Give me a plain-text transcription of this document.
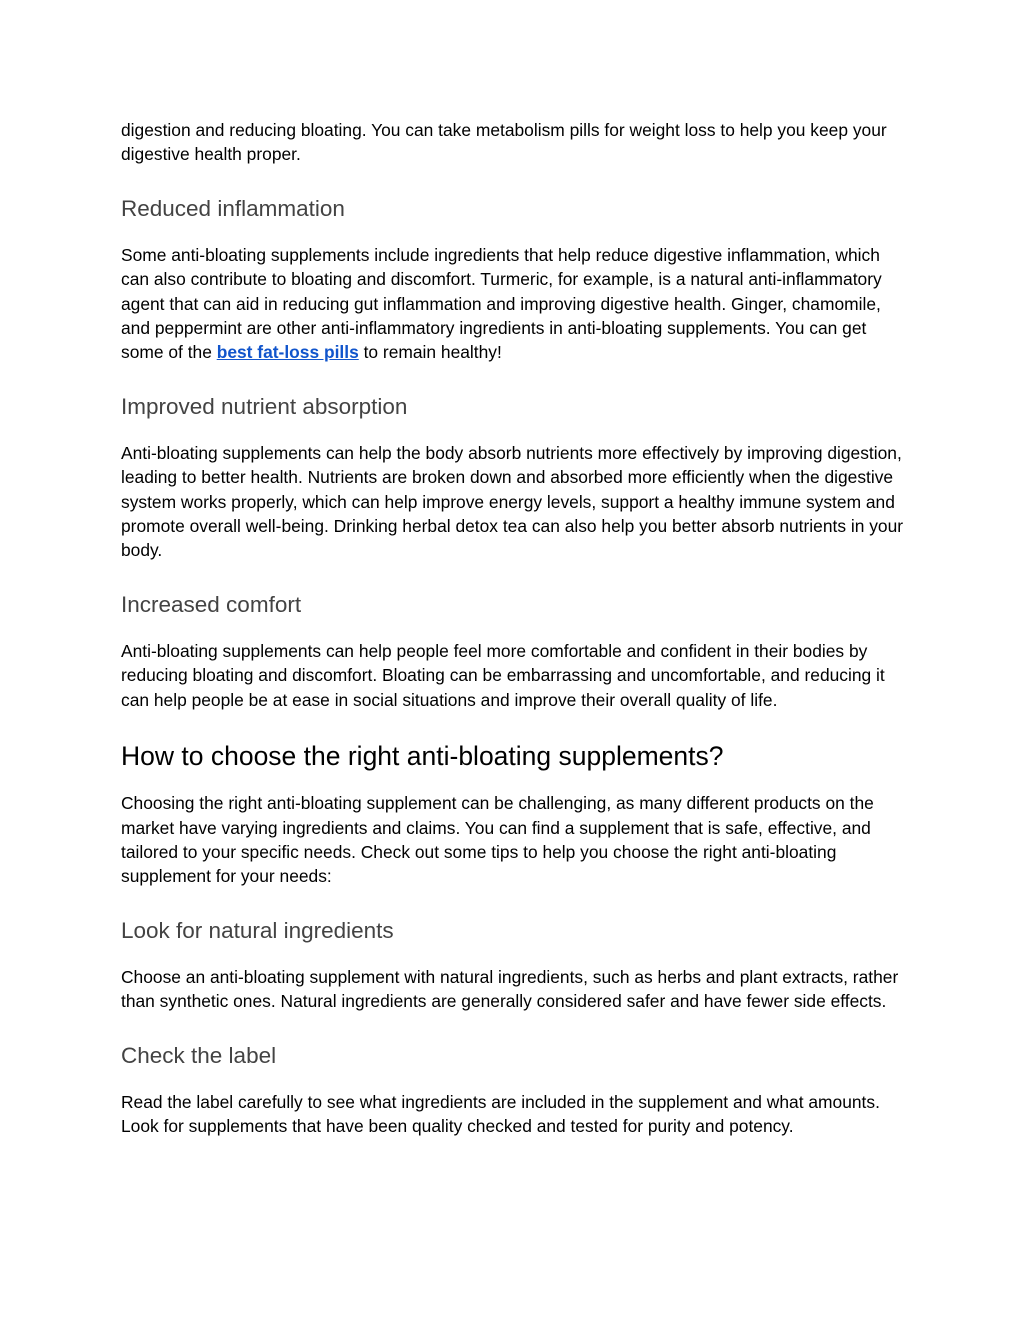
digestion and reducing bloating. You can take metabolism pills for weight loss to help you keep your digestive health proper.

Reduced inflammation

Some anti-bloating supplements include ingredients that help reduce digestive inflammation, which can also contribute to bloating and discomfort. Turmeric, for example, is a natural anti-inflammatory agent that can aid in reducing gut inflammation and improving digestive health. Ginger, chamomile, and peppermint are other anti-inflammatory ingredients in anti-bloating supplements. You can get some of the best fat-loss pills to remain healthy!

Improved nutrient absorption

Anti-bloating supplements can help the body absorb nutrients more effectively by improving digestion, leading to better health. Nutrients are broken down and absorbed more efficiently when the digestive system works properly, which can help improve energy levels, support a healthy immune system and promote overall well-being. Drinking herbal detox tea can also help you better absorb nutrients in your body.

Increased comfort

Anti-bloating supplements can help people feel more comfortable and confident in their bodies by reducing bloating and discomfort. Bloating can be embarrassing and uncomfortable, and reducing it can help people be at ease in social situations and improve their overall quality of life.

How to choose the right anti-bloating supplements?

Choosing the right anti-bloating supplement can be challenging, as many different products on the market have varying ingredients and claims. You can find a supplement that is safe, effective, and tailored to your specific needs. Check out some tips to help you choose the right anti-bloating supplement for your needs:

Look for natural ingredients

Choose an anti-bloating supplement with natural ingredients, such as herbs and plant extracts, rather than synthetic ones. Natural ingredients are generally considered safer and have fewer side effects.

Check the label

Read the label carefully to see what ingredients are included in the supplement and what amounts. Look for supplements that have been quality checked and tested for purity and potency.
